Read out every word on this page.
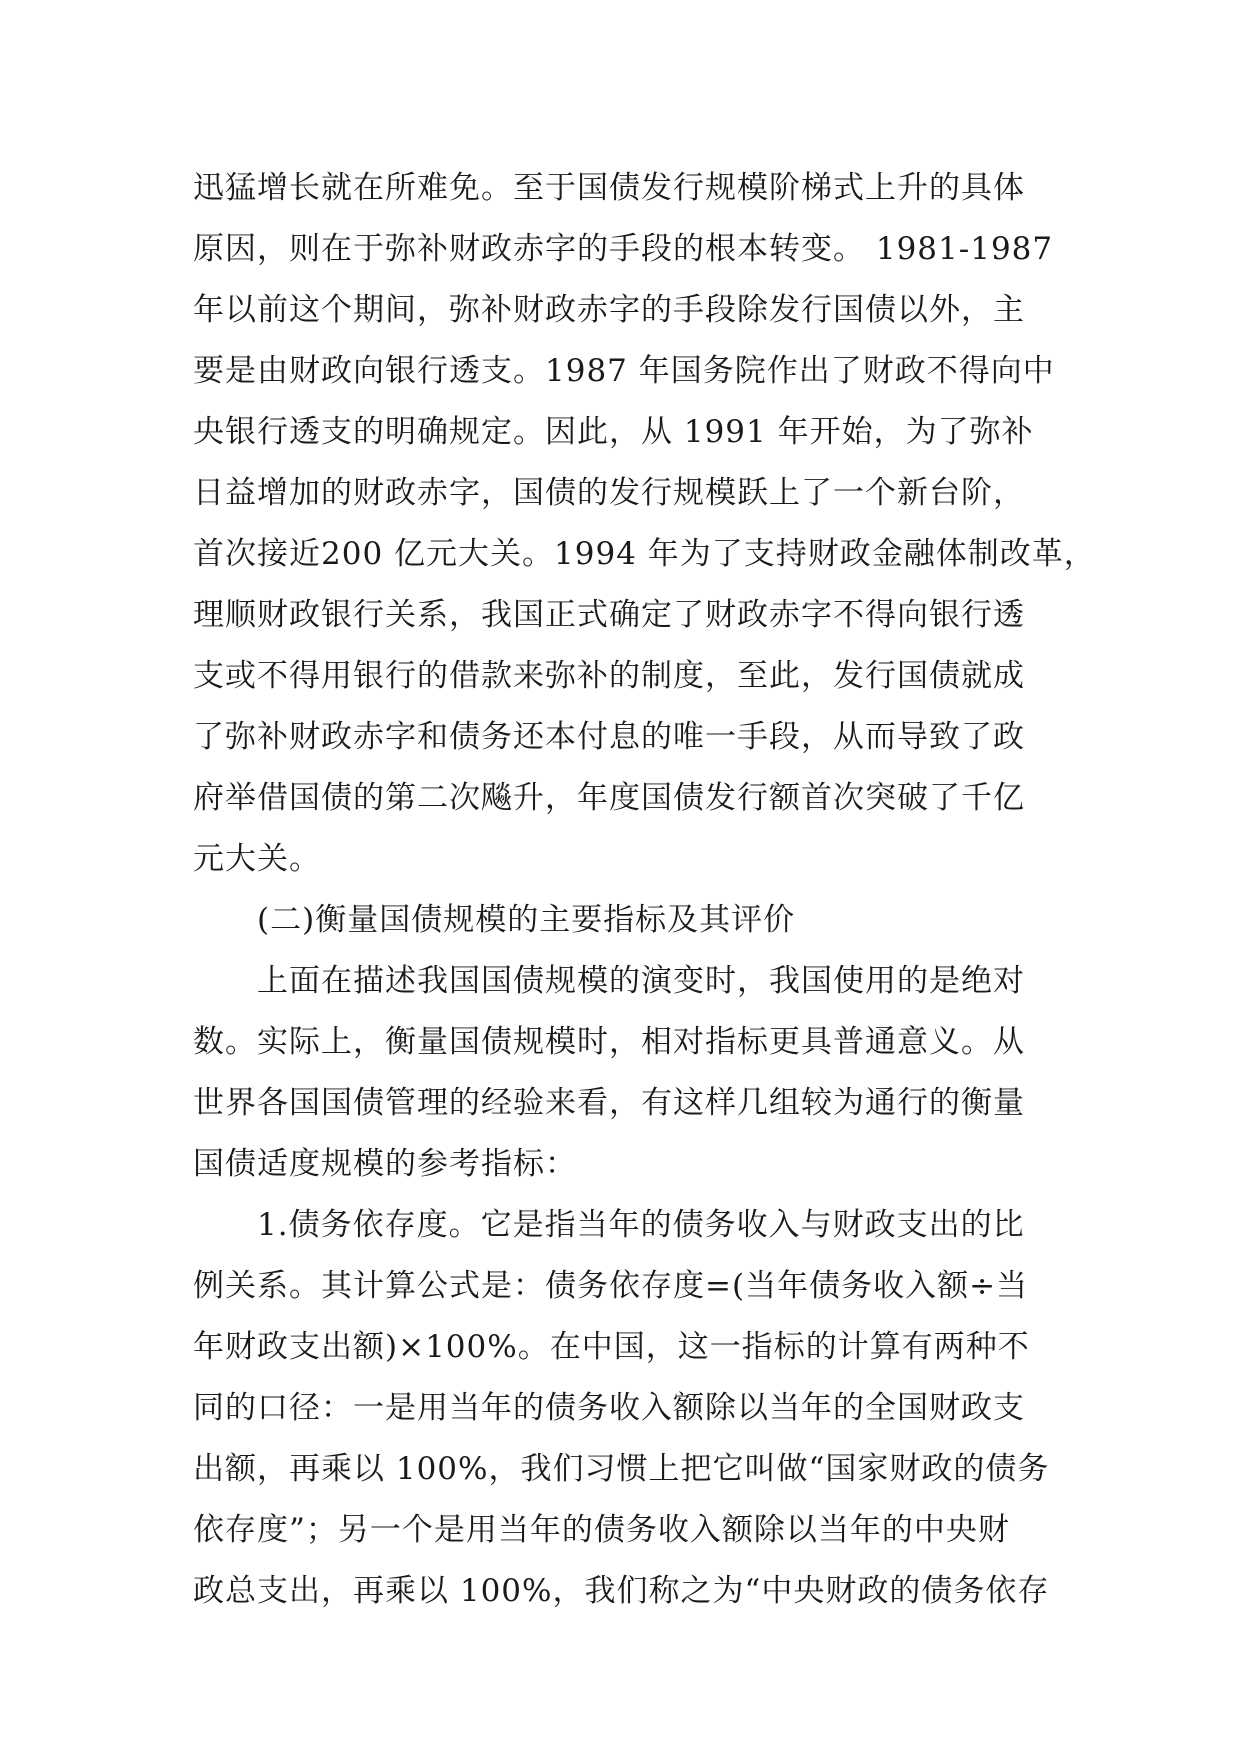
迅猛增长就在所难免。至于国债发行规模阶梯式上升的具体
原因，则在于弥补财政赤字的手段的根本转变。 1981-1987
年以前这个期间，弥补财政赤字的手段除发行国债以外，主
要是由财政向银行透支。1987 年国务院作出了财政不得向中
央银行透支的明确规定。因此，从 1991 年开始，为了弥补
日益增加的财政赤字，国债的发行规模跃上了一个新台阶，
首次接近200 亿元大关。1994 年为了支持财政金融体制改革，
理顺财政银行关系，我国正式确定了财政赤字不得向银行透
支或不得用银行的借款来弥补的制度，至此，发行国债就成
了弥补财政赤字和债务还本付息的唯一手段，从而导致了政
府举借国债的第二次飚升，年度国债发行额首次突破了千亿
元大关。

(二)衡量国债规模的主要指标及其评价

上面在描述我国国债规模的演变时，我国使用的是绝对
数。实际上，衡量国债规模时，相对指标更具普通意义。从
世界各国国债管理的经验来看，有这样几组较为通行的衡量
国债适度规模的参考指标：

1.债务依存度。它是指当年的债务收入与财政支出的比
例关系。其计算公式是：债务依存度=(当年债务收入额÷当
年财政支出额)×100%。在中国，这一指标的计算有两种不
同的口径：一是用当年的债务收入额除以当年的全国财政支
出额，再乘以 100%，我们习惯上把它叫做“国家财政的债务
依存度”；另一个是用当年的债务收入额除以当年的中央财
政总支出，再乘以 100%，我们称之为“中央财政的债务依存
